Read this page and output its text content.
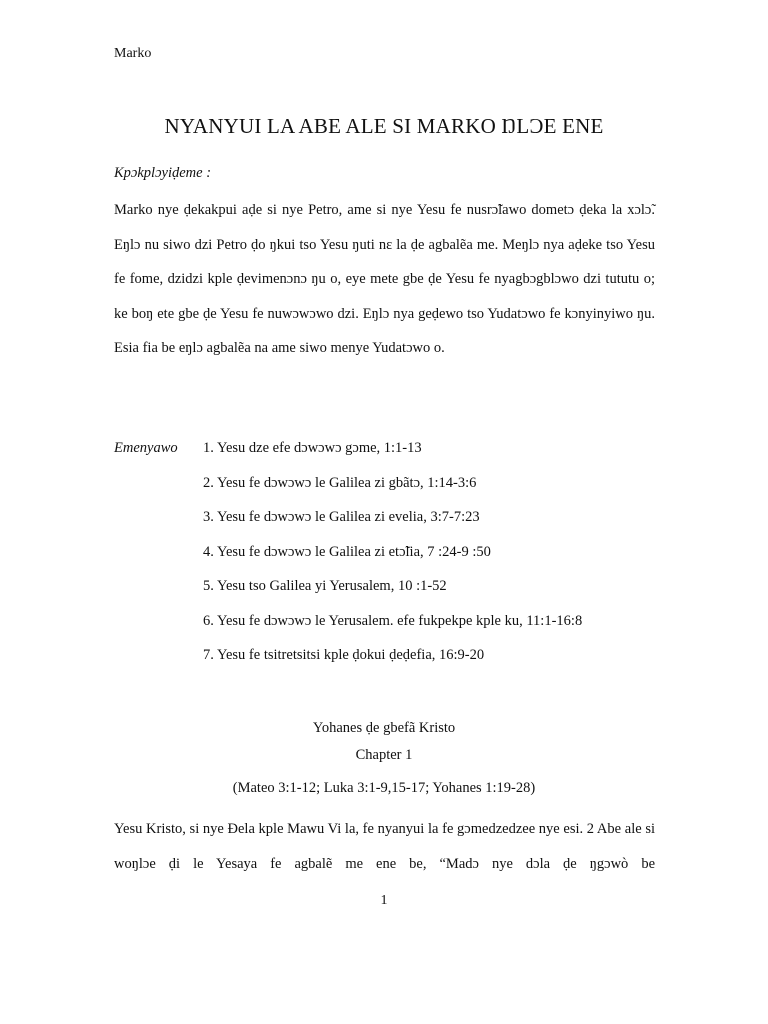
Marko
NYANYUI LA ABE ALE SI MARKO ŊLƆE ENE
Kpɔkplɔyiḍeme :

Marko nye ḍekakpui aḍe si nye Petro, ame si nye Yesu fe nusrɔ̃lawo dometɔ ḍeka la xɔlɔ̃. Eŋlɔ nu siwo dzi Petro ḍo ŋkui tso Yesu ŋuti nɛ la ḍe agbalẽa me. Meŋlɔ nya aḍeke tso Yesu fe fome, dzidzi kple ḍevimenɔnɔ ŋu o, eye mete gbe ḍe Yesu fe nyagbɔgblɔwo dzi tututu o; ke boŋ ete gbe ḍe Yesu fe nuwɔwɔwo dzi. Eŋlɔ nya geḍewo tso Yudatɔwo fe kɔnyinyiwo ŋu. Esia fia be eŋlɔ agbalẽa na ame siwo menye Yudatɔwo o.

Emenyawo 1. Yesu dze efe dɔwɔwɔ gɔme, 1:1-13
2. Yesu fe dɔwɔwɔ le Galilea zi gbãtɔ, 1:14-3:6
3. Yesu fe dɔwɔwɔ le Galilea zi evelia, 3:7-7:23
4. Yesu fe dɔwɔwɔ le Galilea zi etɔ̃lia, 7 :24-9 :50
5. Yesu tso Galilea yi Yerusalem, 10 :1-52
6. Yesu fe dɔwɔwɔ le Yerusalem. efe fukpekpe kple ku, 11:1-16:8
7. Yesu fe tsitretsitsi kple ḍokui ḍeḍefia, 16:9-20
Yohanes ḍe gbefã Kristo
Chapter 1
(Mateo 3:1-12; Luka 3:1-9,15-17; Yohanes 1:19-28)

Yesu Kristo, si nye Đela kple Mawu Vi la, fe nyanyui la fe gɔmedzedzee nye esi. 2 Abe ale si woŋlɔe ḍi le Yesaya fe agbalẽ me ene be, “Madɔ nye dɔla ḍe ŋgɔwò be

1
